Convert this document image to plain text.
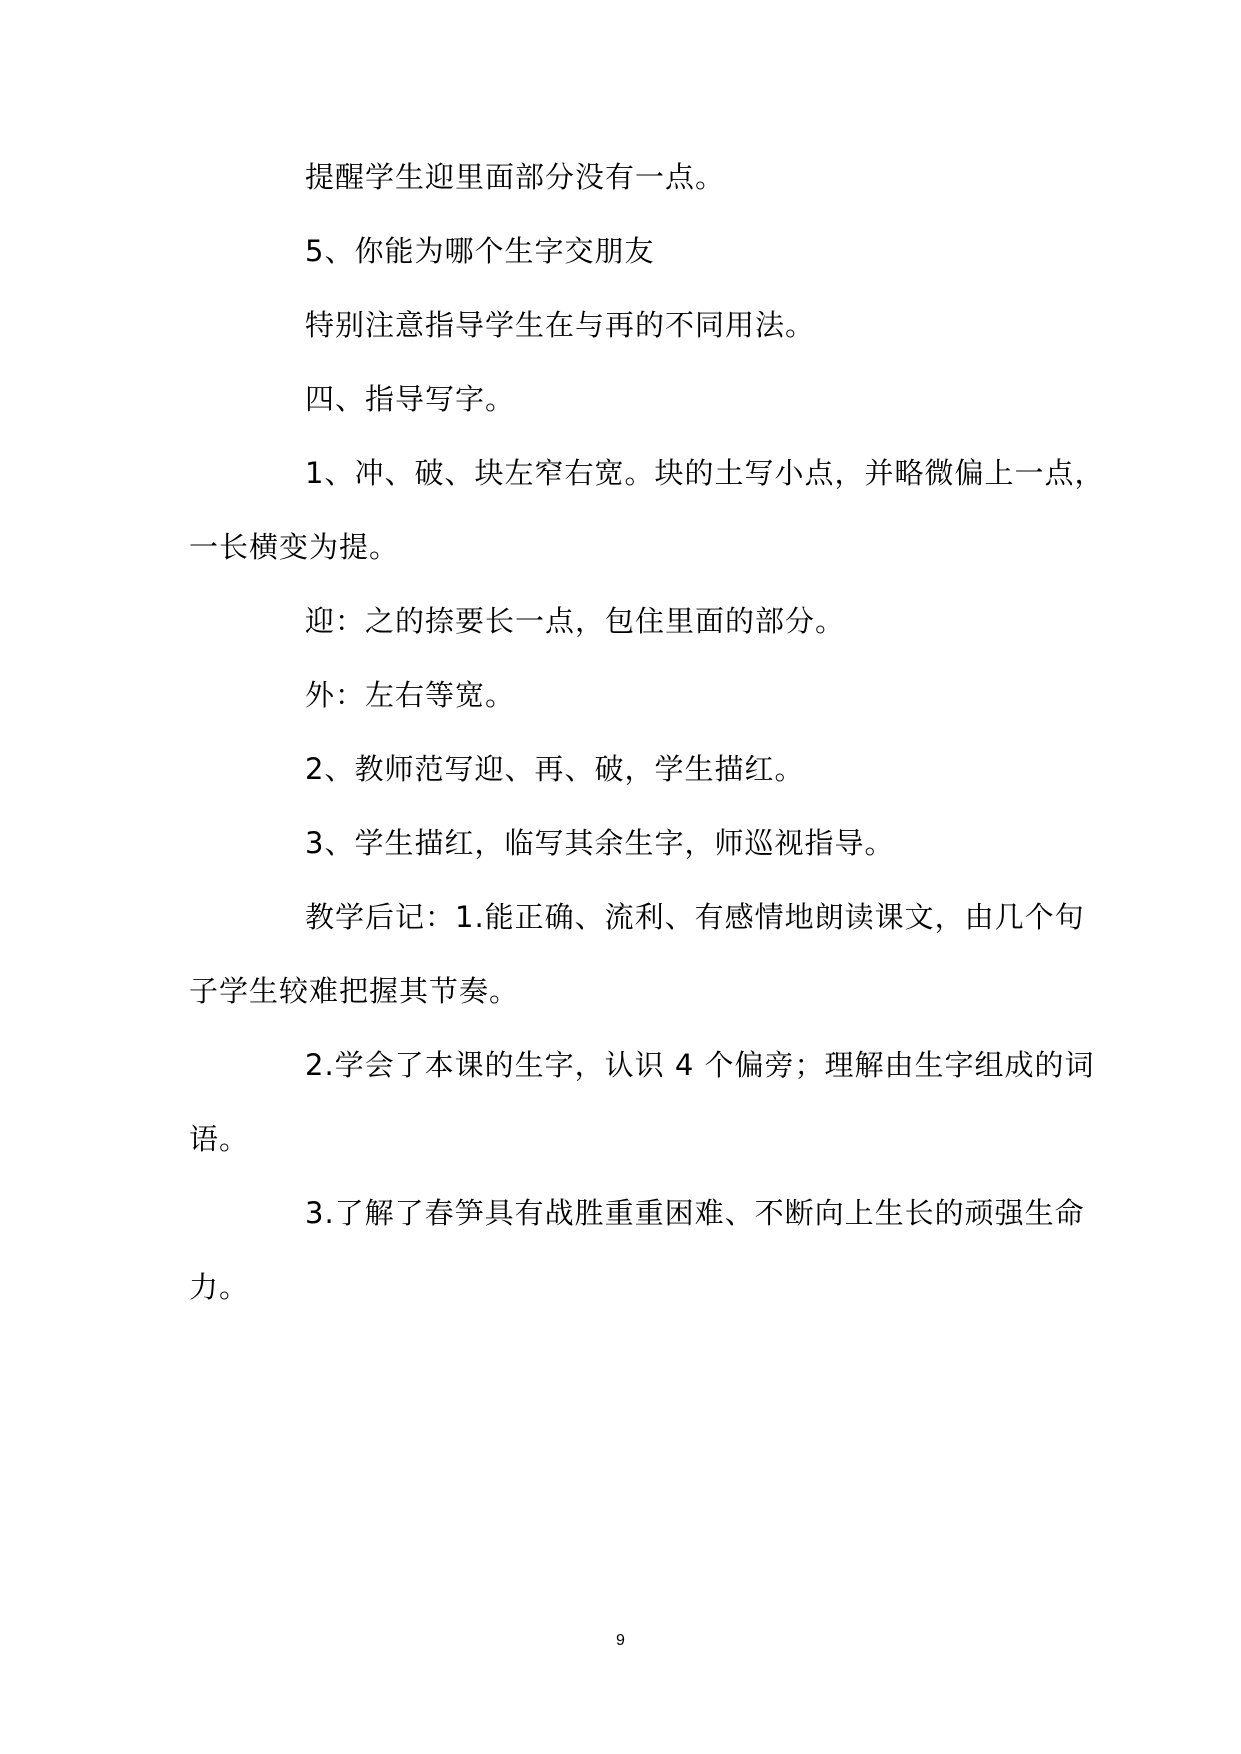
提醒学生迎里面部分没有一点。
5、你能为哪个生字交朋友
特别注意指导学生在与再的不同用法。
四、指导写字。
1、冲、破、块左窄右宽。块的土写小点，并略微偏上一点，
一长横变为提。
迎：之的捺要长一点，包住里面的部分。
外：左右等宽。
2、教师范写迎、再、破，学生描红。
3、学生描红，临写其余生字，师巡视指导。
教学后记：1.能正确、流利、有感情地朗读课文，由几个句
子学生较难把握其节奏。
2.学会了本课的生字，认识 4 个偏旁；理解由生字组成的词
语。
3.了解了春笋具有战胜重重困难、不断向上生长的顽强生命
力。
9
